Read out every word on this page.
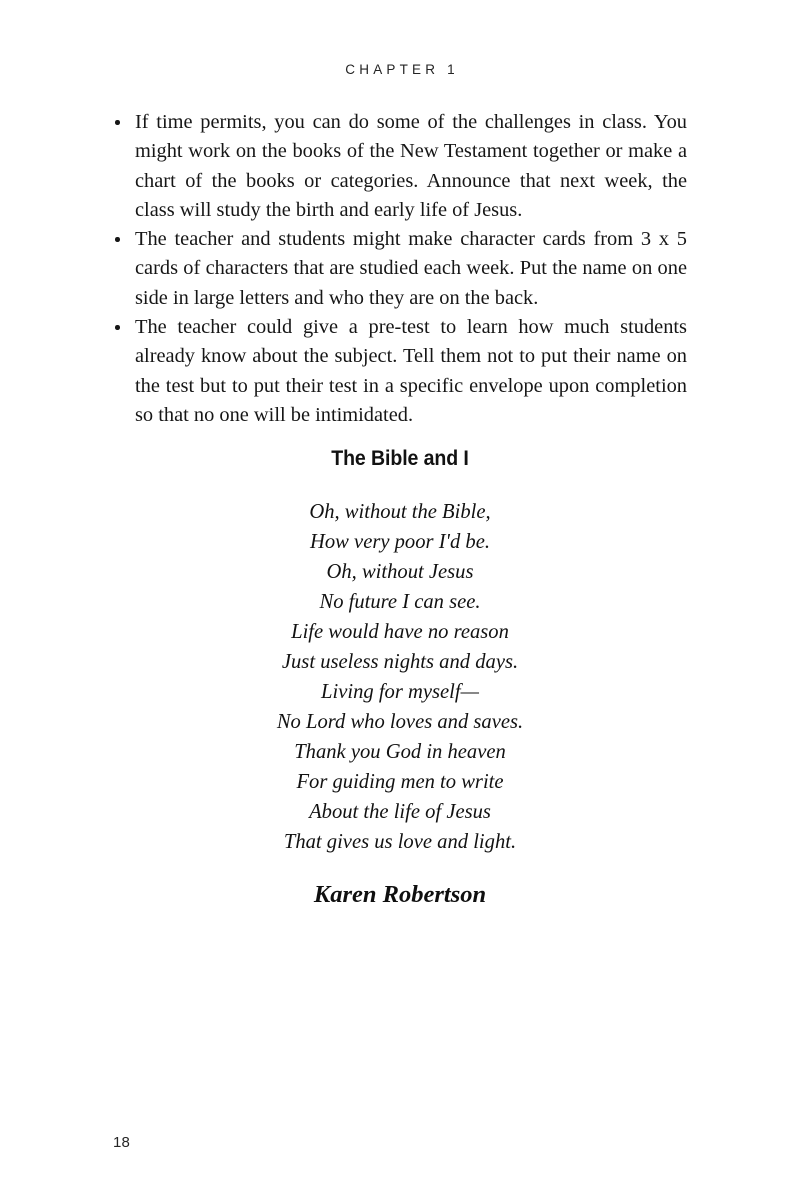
CHAPTER 1
If time permits, you can do some of the challenges in class. You might work on the books of the New Testament together or make a chart of the books or categories. Announce that next week, the class will study the birth and early life of Jesus.
The teacher and students might make character cards from 3 x 5 cards of characters that are studied each week. Put the name on one side in large letters and who they are on the back.
The teacher could give a pre-test to learn how much students already know about the subject. Tell them not to put their name on the test but to put their test in a specific envelope upon completion so that no one will be intimidated.
The Bible and I
Oh, without the Bible,
How very poor I'd be.
Oh, without Jesus
No future I can see.
Life would have no reason
Just useless nights and days.
Living for myself—
No Lord who loves and saves.
Thank you God in heaven
For guiding men to write
About the life of Jesus
That gives us love and light.
Karen Robertson
18
